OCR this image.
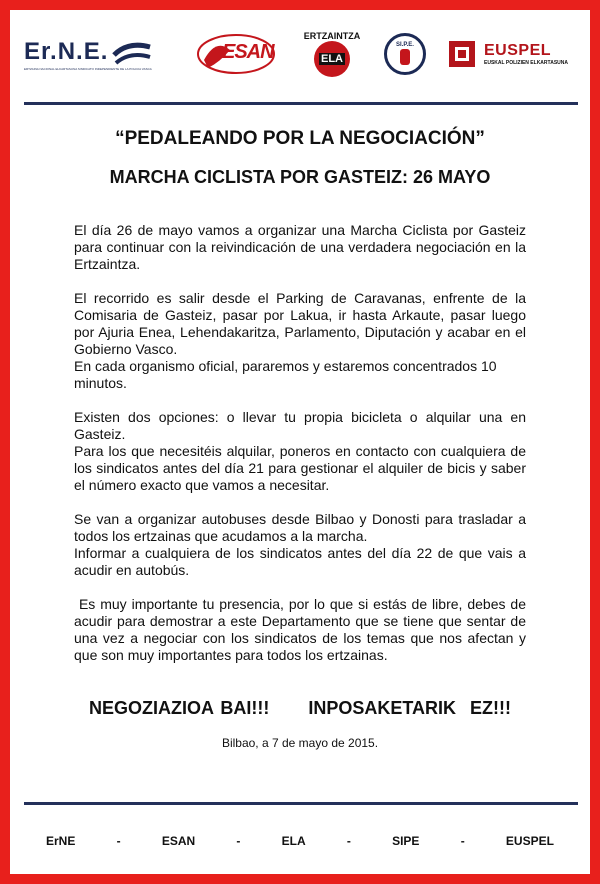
Er.N.E.
ERTZAINA NACIONAL ELKARTASUNA SINDICATO INDEPENDIENTE DE LA POLICIA VASCA
ESAN
ERTZAINTZA
ELA
SI.P.E.	EUSPEL
EUSKAL POLIZIEN ELKARTASUNA
“PEDALEANDO POR LA NEGOCIACIÓN”
MARCHA CICLISTA POR GASTEIZ: 26 MAYO

El día 26 de mayo vamos a organizar una Marcha Ciclista por Gasteiz para continuar con la reivindicación de una verdadera negociación en la Ertzaintza.

El recorrido es salir desde el Parking de Caravanas, enfrente de la Comisaria de Gasteiz, pasar por Lakua, ir hasta Arkaute, pasar luego por Ajuria Enea, Lehendakaritza, Parlamento, Diputación y acabar en el Gobierno Vasco.
En cada organismo oficial, pararemos y estaremos concentrados 10 minutos.

Existen dos opciones: o llevar tu propia bicicleta o alquilar una en Gasteiz.
Para los que necesitéis alquilar, poneros en contacto con cualquiera de los sindicatos antes del día 21 para gestionar el alquiler de bicis y saber el número exacto que vamos a necesitar.

Se van a organizar autobuses desde Bilbao y Donosti para trasladar a todos los ertzainas que acudamos a la marcha.
Informar a cualquiera de los sindicatos antes del día 22 de que vais a acudir en autobús.

Es muy importante tu presencia, por lo que si estás de libre, debes de acudir para demostrar a este Departamento que se tiene que sentar de una vez a negociar con los sindicatos de los temas que nos afectan y que son muy importantes para todos los ertzainas.

NEGOZIAZIOA BAI!!! INPOSAKETARIK  EZ!!!
Bilbao, a 7 de mayo de 2015.
ErNE	-	ESAN	-	ELA	-	SIPE	-	EUSPEL
